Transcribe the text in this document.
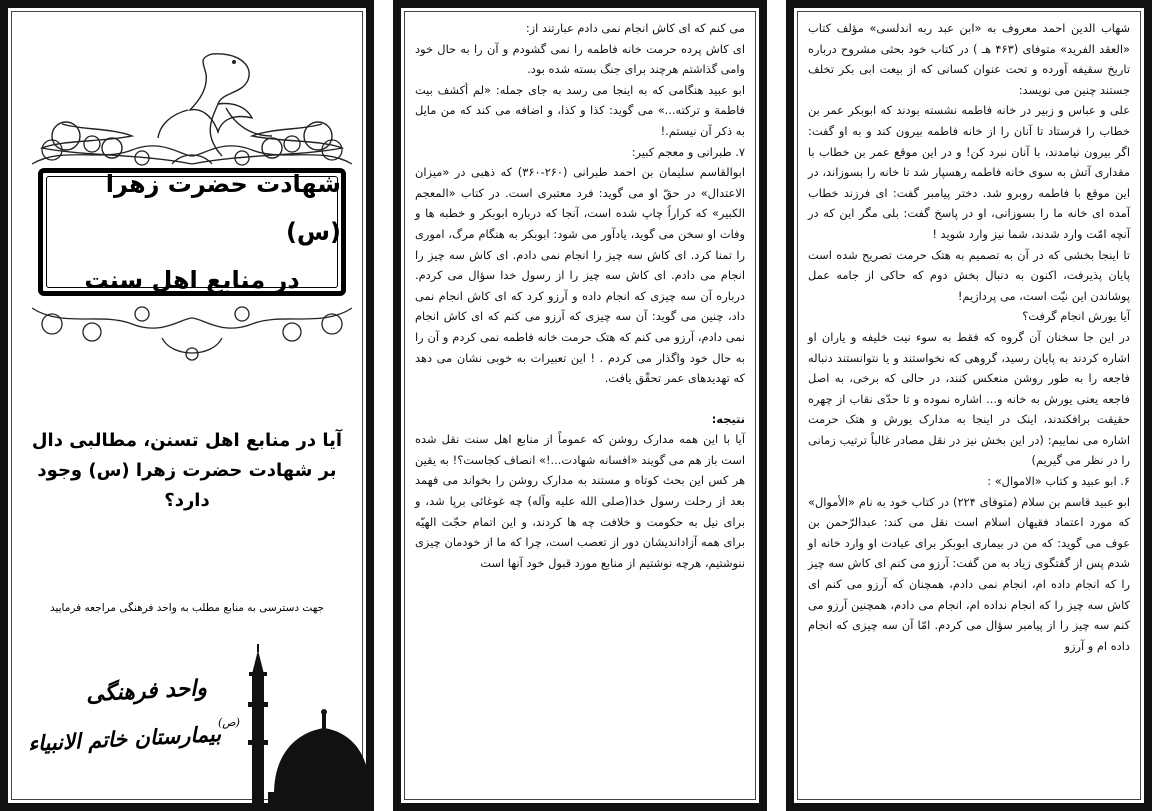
شهادت حضرت زهرا (س)
در منابع اهل سنت
آیا در منابع اهل تسنن، مطالبی دال بر شهادت حضرت زهرا (س) وجود دارد؟
جهت دسترسی به منابع مطلب به واحد فرهنگی مراجعه فرمایید
واحد فرهنگی
(ص)
بیمارستان خاتم الانبیاء

می کنم که ای کاش انجام نمی دادم عبارتند از:

ای کاش پرده حرمت خانه فاطمه را نمی گشودم و آن را به حال خود وامی گذاشتم هرچند برای جنگ بسته شده بود.

ابو عبید هنگامی که به اینجا می رسد به جای جمله: «لم أکشف بیت فاطمة و ترکته...» می گوید: کذا و کذا، و اضافه می کند که من مایل به ذکر آن نیستم.!

۷. طبرانی و معجم کبیر:

ابوالقاسم سلیمان بن احمد طبرانی (۲۶۰-۳۶۰) که ذهبی در «میزان الاعتدال» در حقّ او می گوید: فرد معتبری است. در کتاب «المعجم الکبیر» که کراراً چاپ شده است، آنجا که درباره ابوبکر و خطبه ها و وفات او سخن می گوید، یادآور می شود: ابوبکر به هنگام مرگ، اموری را تمنا کرد. ای کاش سه چیز را انجام نمی دادم. ای کاش سه چیز را انجام می دادم. ای کاش سه چیز را از رسول خدا سؤال می کردم. درباره آن سه چیزی که انجام داده و آرزو کرد که ای کاش انجام نمی داد، چنین می گوید: آن سه چیزی که آرزو می کنم که ای کاش انجام نمی دادم، آرزو می کنم که هتک حرمت خانه فاطمه نمی کردم و آن را به حال خود واگذار می کردم . ! این تعبیرات به خوبی نشان می دهد که تهدیدهای عمر تحقّق یافت.

نتیجه:

آیا با این همه مدارک روشن که عموماً از منابع اهل سنت نقل شده است باز هم می گویند «افسانه شهادت...!» انصاف کجاست؟! به یقین هر کس این بحث کوتاه و مستند به مدارک روشن را بخواند می فهمد بعد از رحلت رسول خدا(صلی الله علیه وآله) چه غوغائی برپا شد، و برای نیل به حکومت و خلافت چه ها کردند، و این اتمام حجّت الهیّه برای همه آزاداندیشان دور از تعصب است، چرا که ما از خودمان چیزی ننوشتیم، هرچه نوشتیم از منابع مورد قبول خود آنها است

شهاب الدین احمد معروف به «ابن عبد ربه اندلسی» مؤلف کتاب «العقد الفرید» متوفای (۴۶۳ هـ ) در کتاب خود بحثی مشروح درباره تاریخ سقیفه آورده و تحت عنوان کسانی که از بیعت ابی بکر تخلف جستند چنین می نویسد:

علی و عباس و زبیر در خانه فاطمه نشسته بودند که ابوبکر عمر بن خطاب را فرستاد تا آنان را از خانه فاطمه بیرون کند و به او گفت: اگر بیرون نیامدند، با آنان نبرد کن! و در این موقع عمر بن خطاب با مقداری آتش به سوی خانه فاطمه رهسپار شد تا خانه را بسوزاند، در این موقع با فاطمه روبرو شد. دختر پیامبر گفت: ای فرزند خطاب آمده ای خانه ما را بسوزانی، او در پاسخ گفت: بلی مگر این که در آنچه امّت وارد شدند، شما نیز وارد شوید !

تا اینجا بخشی که در آن به تصمیم به هتک حرمت تصریح شده است پایان پذیرفت، اکنون به دنبال بخش دوم که حاکی از جامه عمل پوشاندن این نیّت است، می پردازیم!

آیا یورش انجام گرفت؟

در این جا سخنان آن گروه که فقط به سوء نیت خلیفه و یاران او اشاره کردند به پایان رسید، گروهی که نخواستند و یا نتوانستند دنباله فاجعه را به طور روشن منعکس کنند، در حالی که برخی، به اصل فاجعه یعنی یورش به خانه و... اشاره نموده و تا حدّی نقاب از چهره حقیقت برافکندند، اینک در اینجا به مدارک یورش و هتک حرمت اشاره می نماییم: (در این بخش نیز در نقل مصادر غالباً ترتیب زمانی را در نظر می گیریم)

۶. ابو عبید و کتاب «الاموال» :

ابو عبید قاسم بن سلام (متوفای ۲۲۴) در کتاب خود به نام «الأموال» که مورد اعتماد فقیهان اسلام است نقل می کند: عبدالرّحمن بن عوف می گوید: که من در بیماری ابوبکر برای عیادت او وارد خانه او شدم پس از گفتگوی زیاد به من گفت: آرزو می کنم ای کاش سه چیز را که انجام داده ام، انجام نمی دادم، همچنان که آرزو می کنم ای کاش سه چیز را که انجام نداده ام، انجام می دادم، همچنین آرزو می کنم سه چیز را از پیامبر سؤال می کردم. امّا آن سه چیزی که انجام داده ام و آرزو
